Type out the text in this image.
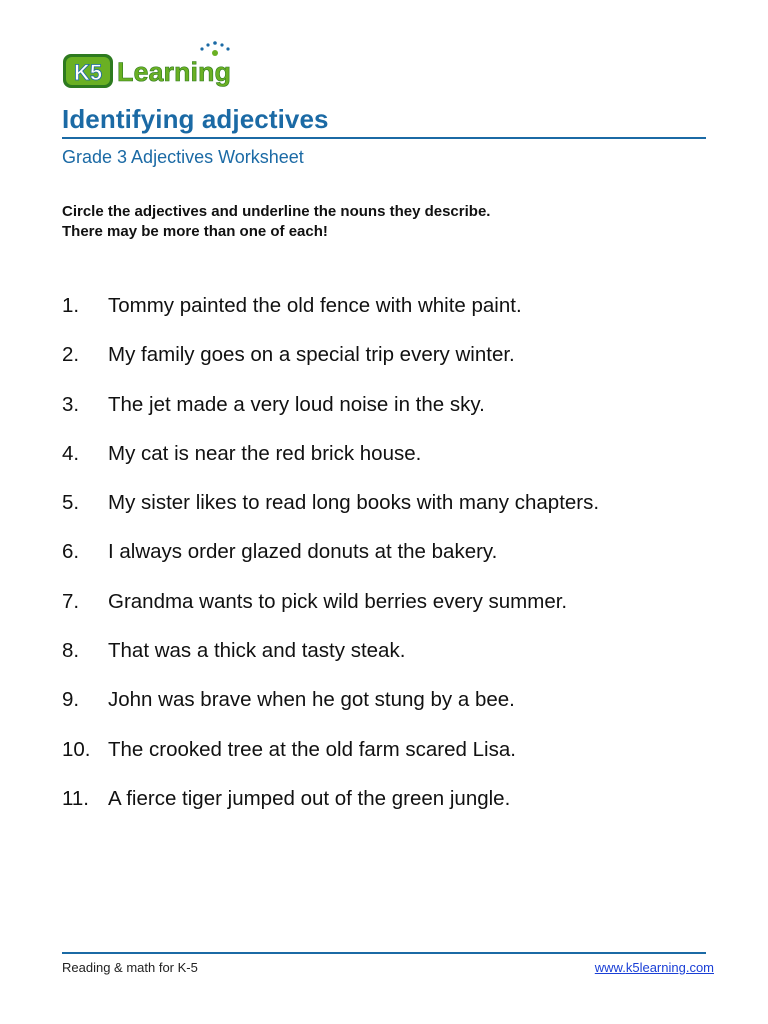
K5 Learning
Identifying adjectives
Grade 3 Adjectives Worksheet
Circle the adjectives and underline the nouns they describe.
There may be more than one of each!
1.	Tommy painted the old fence with white paint.
2.	My family goes on a special trip every winter.
3.	The jet made a very loud noise in the sky.
4.	My cat is near the red brick house.
5.	My sister likes to read long books with many chapters.
6.	I always order glazed donuts at the bakery.
7.	Grandma wants to pick wild berries every summer.
8.	That was a thick and tasty steak.
9.	John was brave when he got stung by a bee.
10. The crooked tree at the old farm scared Lisa.
11. A fierce tiger jumped out of the green jungle.
Reading & math for K-5	www.k5learning.com
